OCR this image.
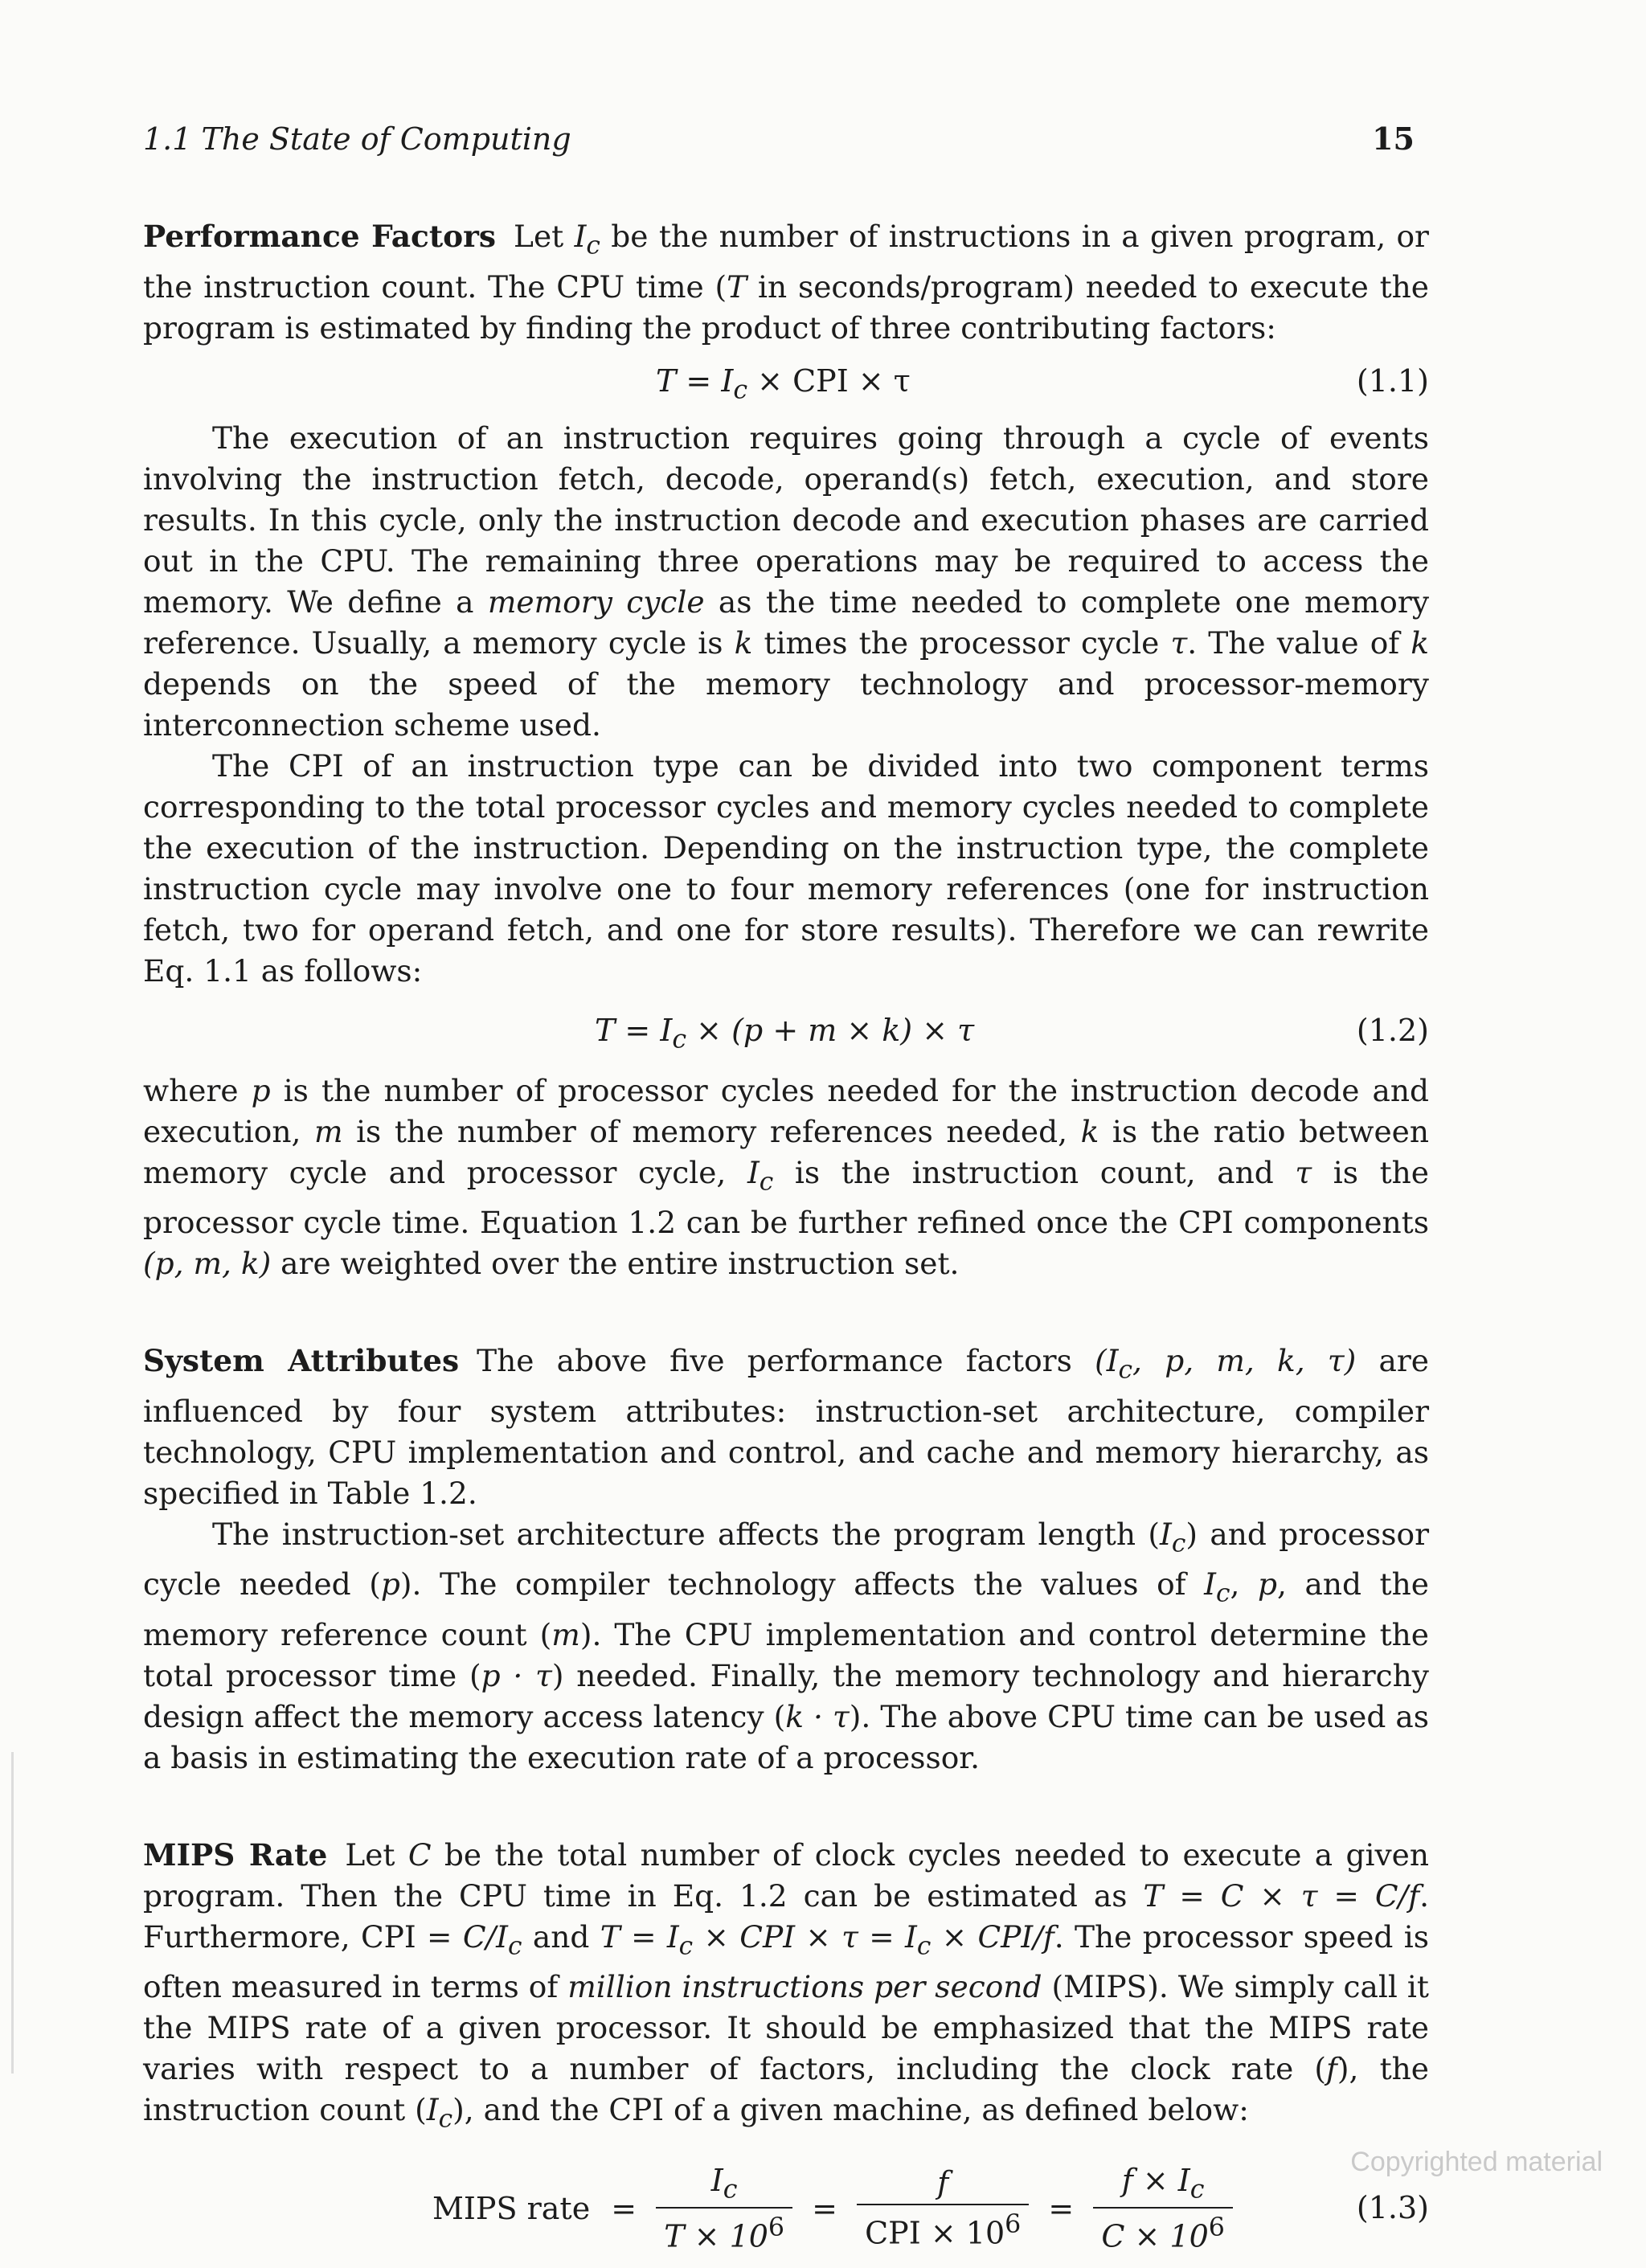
1.1 The State of Computing	15

Performance Factors Let $I_c$ be the number of instructions in a given program, or the instruction count. The CPU time (T in seconds/program) needed to execute the program is estimated by finding the product of three contributing factors:

$T = I_c$ × CPI × τ	(1.1)

The execution of an instruction requires going through a cycle of events involving the instruction fetch, decode, operand(s) fetch, execution, and store results. In this cycle, only the instruction decode and execution phases are carried out in the CPU. The remaining three operations may be required to access the memory. We define a memory cycle as the time needed to complete one memory reference. Usually, a memory cycle is k times the processor cycle τ. The value of k depends on the speed of the memory technology and processor-memory interconnection scheme used.

The CPI of an instruction type can be divided into two component terms corresponding to the total processor cycles and memory cycles needed to complete the execution of the instruction. Depending on the instruction type, the complete instruction cycle may involve one to four memory references (one for instruction fetch, two for operand fetch, and one for store results). Therefore we can rewrite Eq. 1.1 as follows:

$T = I_c \times (p + m \times k) \times \tau$	(1.2)

where p is the number of processor cycles needed for the instruction decode and execution, m is the number of memory references needed, k is the ratio between memory cycle and processor cycle, $I_c$ is the instruction count, and τ is the processor cycle time. Equation 1.2 can be further refined once the CPI components (p, m, k) are weighted over the entire instruction set.

System Attributes The above five performance factors ($I_c$, p, m, k, τ) are influenced by four system attributes: instruction-set architecture, compiler technology, CPU implementation and control, and cache and memory hierarchy, as specified in Table 1.2.

The instruction-set architecture affects the program length $(I_c)$ and processor cycle needed (p). The compiler technology affects the values of $I_c$, p, and the memory reference count (m). The CPU implementation and control determine the total processor time (p · τ) needed. Finally, the memory technology and hierarchy design affect the memory access latency (k · τ). The above CPU time can be used as a basis in estimating the execution rate of a processor.

MIPS Rate Let C be the total number of clock cycles needed to execute a given program. Then the CPU time in Eq. 1.2 can be estimated as T = C × τ = C/f. Furthermore, CPI = $C/I_c$ and $T = I_c$ × CPI × $\tau = I_c \times CPI/f$. The processor speed is often measured in terms of million instructions per second (MIPS). We simply call it the MIPS rate of a given processor. It should be emphasized that the MIPS rate varies with respect to a number of factors, including the clock rate (f), the instruction count $(I_c)$, and the CPI of a given machine, as defined below:

MIPS rate = $\frac{I_c}{T \times 10^6} = \frac{f}{CPI \times 10^6} = \frac{f \times I_c}{C \times 10^6}$	(1.3)
Copyrighted material
